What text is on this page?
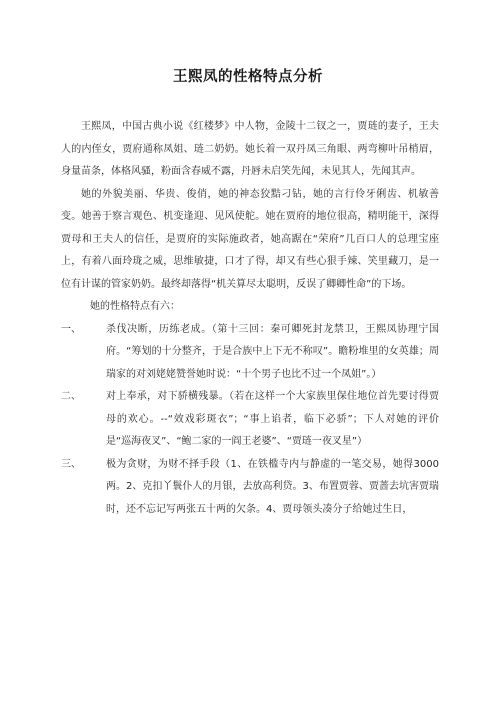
王熙凤的性格特点分析

王熙凤，中国古典小说《红楼梦》中人物，金陵十二钗之一，贾琏的妻子，王夫人的内侄女，贾府通称凤姐、琏二奶奶。她长着一双丹凤三角眼、两弯柳叶吊梢眉，身量苗条，体格风骚，粉面含春威不露，丹唇未启笑先闻，未见其人，先闻其声。

她的外貌美丽、华贵、俊俏，她的神态狡黠刁钻，她的言行伶牙俐齿、机敏善变。她善于察言观色、机变逢迎、见风使舵。她在贾府的地位很高，精明能干，深得贾母和王夫人的信任，是贾府的实际施政者，她高踞在“荣府”几百口人的总理宝座上，有着八面玲珑之威，思维敏捷，口才了得，却又有些心狠手辣、笑里藏刀，是一位有计谋的管家奶奶。最终却落得“机关算尽太聪明，反误了卿卿性命”的下场。

她的性格特点有六：

一、	杀伐决断，历练老成。（第十三回：秦可卿死封龙禁卫，王熙凤协理宁国府。“筹划的十分整齐，于是合族中上下无不称叹”。瞻粉堆里的女英雄；周瑞家的对刘姥姥赞誉她时说：“十个男子也比不过一个凤姐”。）
二、	对上奉承，对下骄横残暴。（若在这样一个大家族里保住地位首先要讨得贾母的欢心。--“效戏彩斑衣”；“事上谄者，临下必骄”；下人对她的评价是“巡海夜叉”、“鲍二家的一阎王老婆”、“贾琏一夜叉星”）
三、	极为贪财，为财不择手段（1、在铁槛寺内与静虚的一笔交易，她得3000两。2、克扣丫鬟仆人的月银，去放高利贷。3、布置贾蓉、贾蔷去坑害贾瑞时，还不忘记写两张五十两的欠条。4、贾母领头凑分子给她过生日，
